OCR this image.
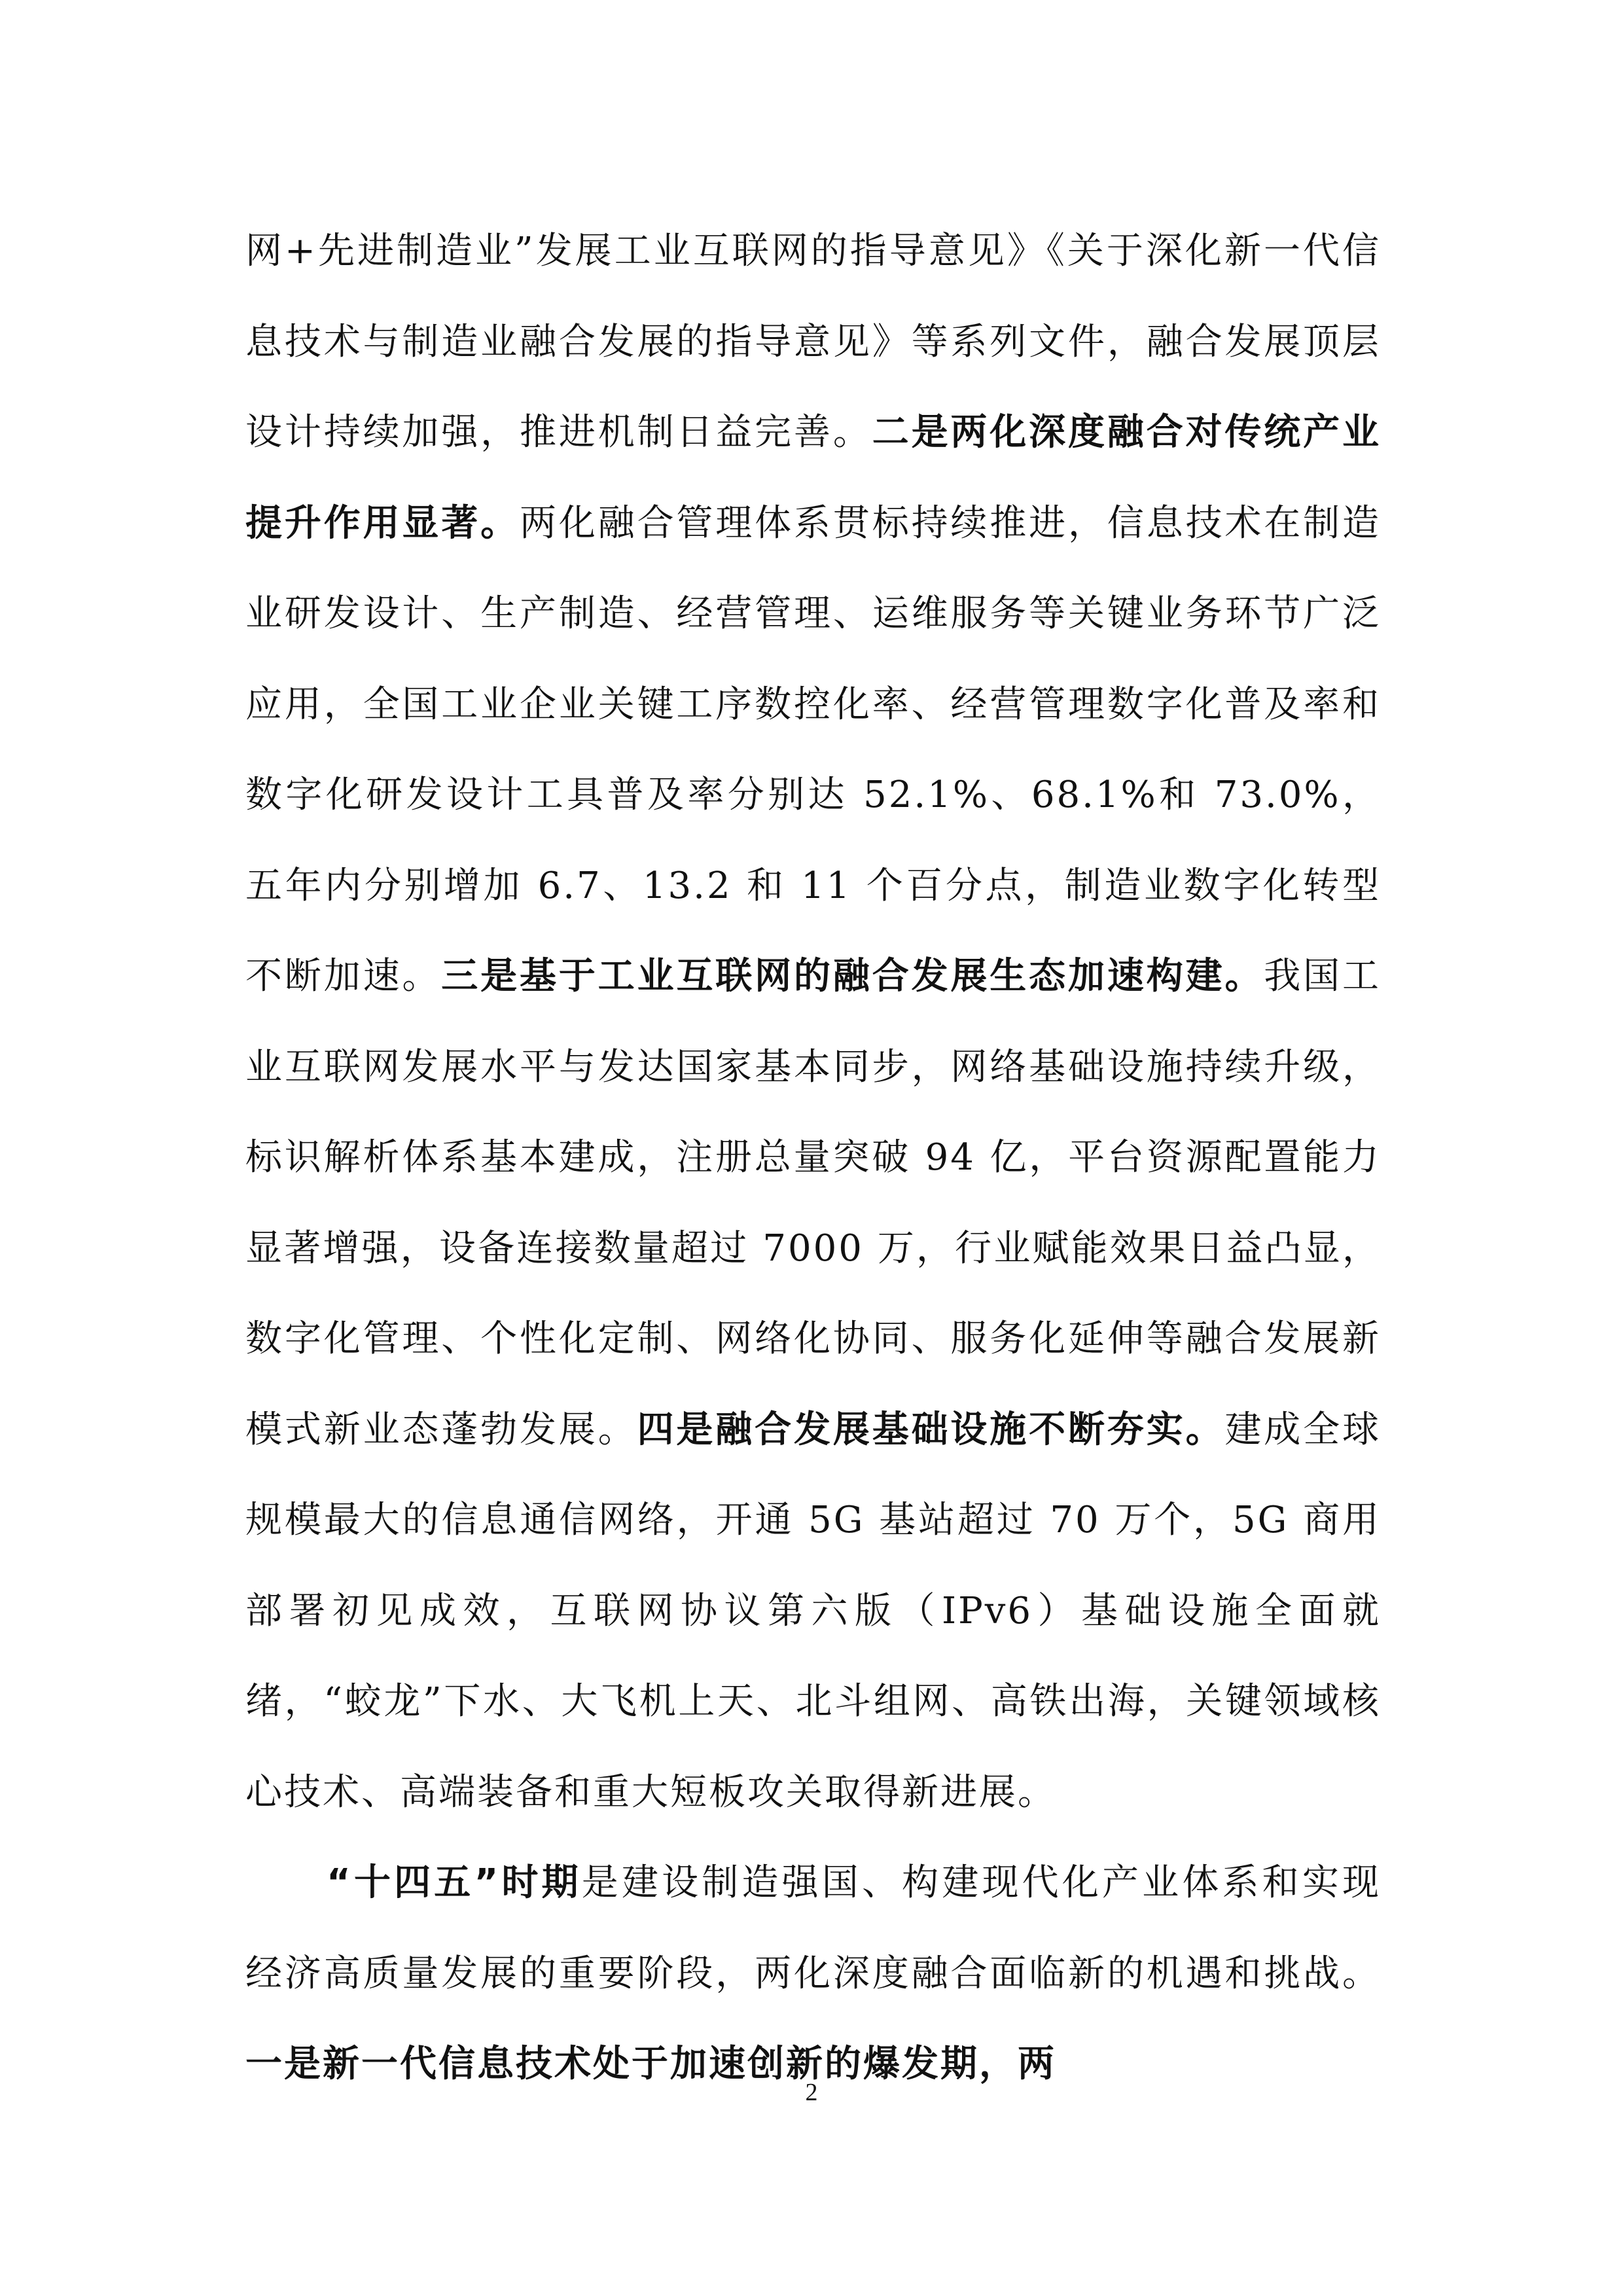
网+先进制造业”发展工业互联网的指导意见》《关于深化新一代信息技术与制造业融合发展的指导意见》等系列文件，融合发展顶层设计持续加强，推进机制日益完善。二是两化深度融合对传统产业提升作用显著。两化融合管理体系贯标持续推进，信息技术在制造业研发设计、生产制造、经营管理、运维服务等关键业务环节广泛应用，全国工业企业关键工序数控化率、经营管理数字化普及率和数字化研发设计工具普及率分别达 52.1%、68.1%和 73.0%，五年内分别增加 6.7、13.2 和 11 个百分点，制造业数字化转型不断加速。三是基于工业互联网的融合发展生态加速构建。我国工业互联网发展水平与发达国家基本同步，网络基础设施持续升级，标识解析体系基本建成，注册总量突破 94 亿，平台资源配置能力显著增强，设备连接数量超过 7000 万，行业赋能效果日益凸显，数字化管理、个性化定制、网络化协同、服务化延伸等融合发展新模式新业态蓬勃发展。四是融合发展基础设施不断夯实。建成全球规模最大的信息通信网络，开通 5G 基站超过 70 万个，5G 商用部署初见成效，互联网协议第六版（IPv6）基础设施全面就绪，“蛟龙”下水、大飞机上天、北斗组网、高铁出海，关键领域核心技术、高端装备和重大短板攻关取得新进展。

“十四五”时期是建设制造强国、构建现代化产业体系和实现经济高质量发展的重要阶段，两化深度融合面临新的机遇和挑战。一是新一代信息技术处于加速创新的爆发期，两

2
